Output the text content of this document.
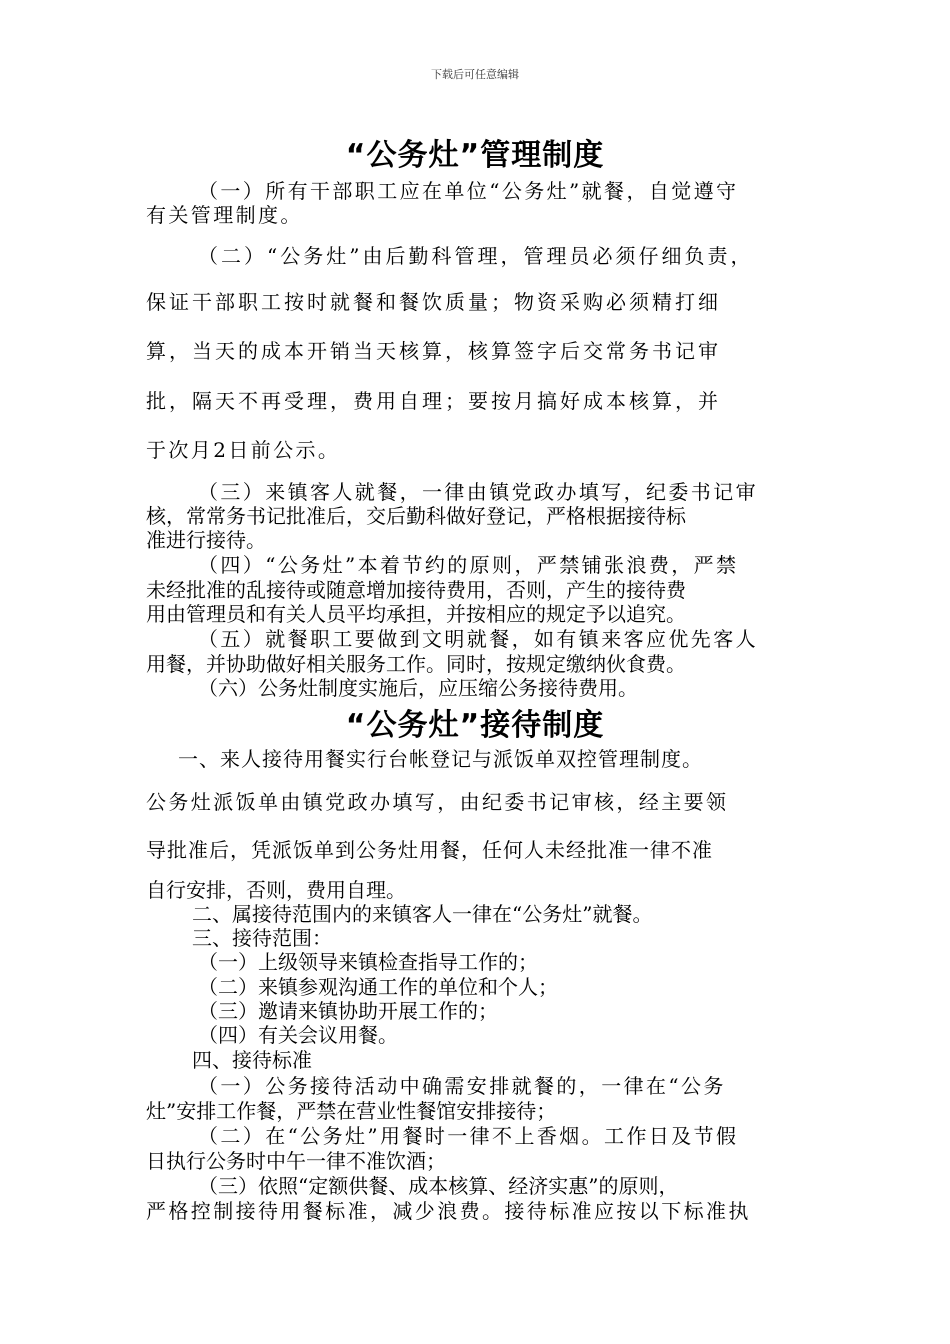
下载后可任意编辑
“公务灶”管理制度
（一）所有干部职工应在单位“公务灶”就餐，自觉遵守
有关管理制度。
（二）“公务灶”由后勤科管理，管理员必须仔细负责，
保证干部职工按时就餐和餐饮质量；物资采购必须精打细
算，当天的成本开销当天核算，核算签字后交常务书记审
批，隔天不再受理，费用自理；要按月搞好成本核算，并
于次月2日前公示。
（三）来镇客人就餐，一律由镇党政办填写，纪委书记审
核，常常务书记批准后，交后勤科做好登记，严格根据接待标
准进行接待。
（四）“公务灶”本着节约的原则，严禁铺张浪费，严禁
未经批准的乱接待或随意增加接待费用，否则，产生的接待费
用由管理员和有关人员平均承担，并按相应的规定予以追究。
（五）就餐职工要做到文明就餐，如有镇来客应优先客人
用餐，并协助做好相关服务工作。同时，按规定缴纳伙食费。
（六）公务灶制度实施后，应压缩公务接待费用。
“公务灶”接待制度
一、来人接待用餐实行台帐登记与派饭单双控管理制度。
公务灶派饭单由镇党政办填写，由纪委书记审核，经主要领
导批准后，凭派饭单到公务灶用餐，任何人未经批准一律不准
自行安排，否则，费用自理。
二、属接待范围内的来镇客人一律在“公务灶”就餐。
三、接待范围：
（一）上级领导来镇检查指导工作的；
（二）来镇参观沟通工作的单位和个人；
（三）邀请来镇协助开展工作的；
（四）有关会议用餐。
四、接待标准
（一）公务接待活动中确需安排就餐的，一律在“公务
灶”安排工作餐，严禁在营业性餐馆安排接待；
（二）在“公务灶”用餐时一律不上香烟。工作日及节假
日执行公务时中午一律不准饮酒；
（三）依照“定额供餐、成本核算、经济实惠”的原则，
严格控制接待用餐标准，减少浪费。接待标准应按以下标准执
